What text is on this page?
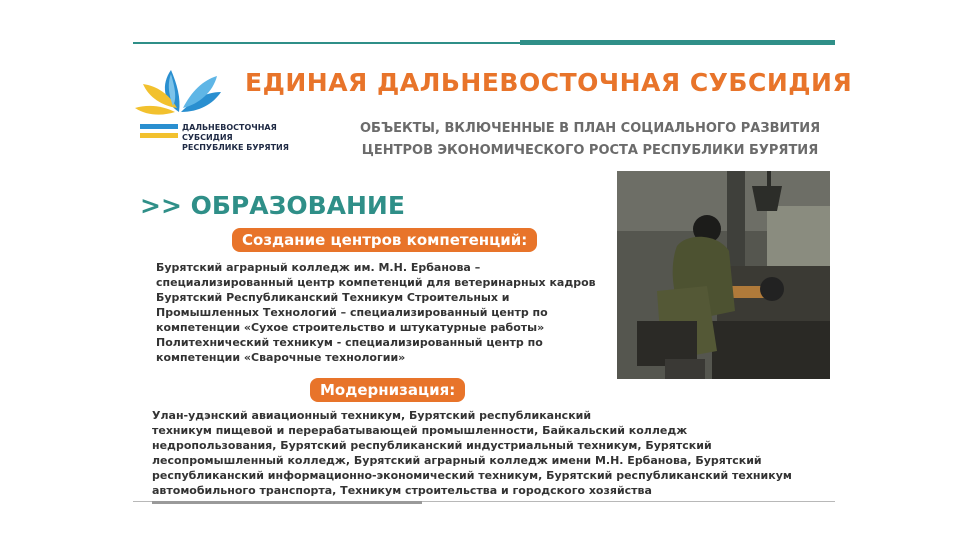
ДАЛЬНЕВОСТОЧНАЯ
СУБСИДИЯ
РЕСПУБЛИКЕ БУРЯТИЯ
ЕДИНАЯ ДАЛЬНЕВОСТОЧНАЯ СУБСИДИЯ
ОБЪЕКТЫ, ВКЛЮЧЕННЫЕ В ПЛАН СОЦИАЛЬНОГО РАЗВИТИЯ
ЦЕНТРОВ ЭКОНОМИЧЕСКОГО РОСТА РЕСПУБЛИКИ БУРЯТИЯ
>> ОБРАЗОВАНИЕ
Создание центров компетенций:
Бурятский аграрный колледж им. М.Н. Ербанова –
специализированный центр компетенций для ветеринарных кадров
Бурятский Республиканский Техникум Строительных и
Промышленных Технологий – специализированный центр по
компетенции «Сухое строительство и штукатурные работы»
Политехнический техникум - специализированный центр по
компетенции «Сварочные технологии»
Модернизация:
Улан-удэнский авиационный техникум, Бурятский республиканский
техникум пищевой и перерабатывающей промышленности, Байкальский колледж
недропользования, Бурятский республиканский индустриальный техникум, Бурятский
лесопромышленный колледж, Бурятский аграрный колледж имени М.Н. Ербанова, Бурятский
республиканский информационно-экономический техникум, Бурятский республиканский техникум
автомобильного транспорта, Техникум строительства и городского хозяйства
